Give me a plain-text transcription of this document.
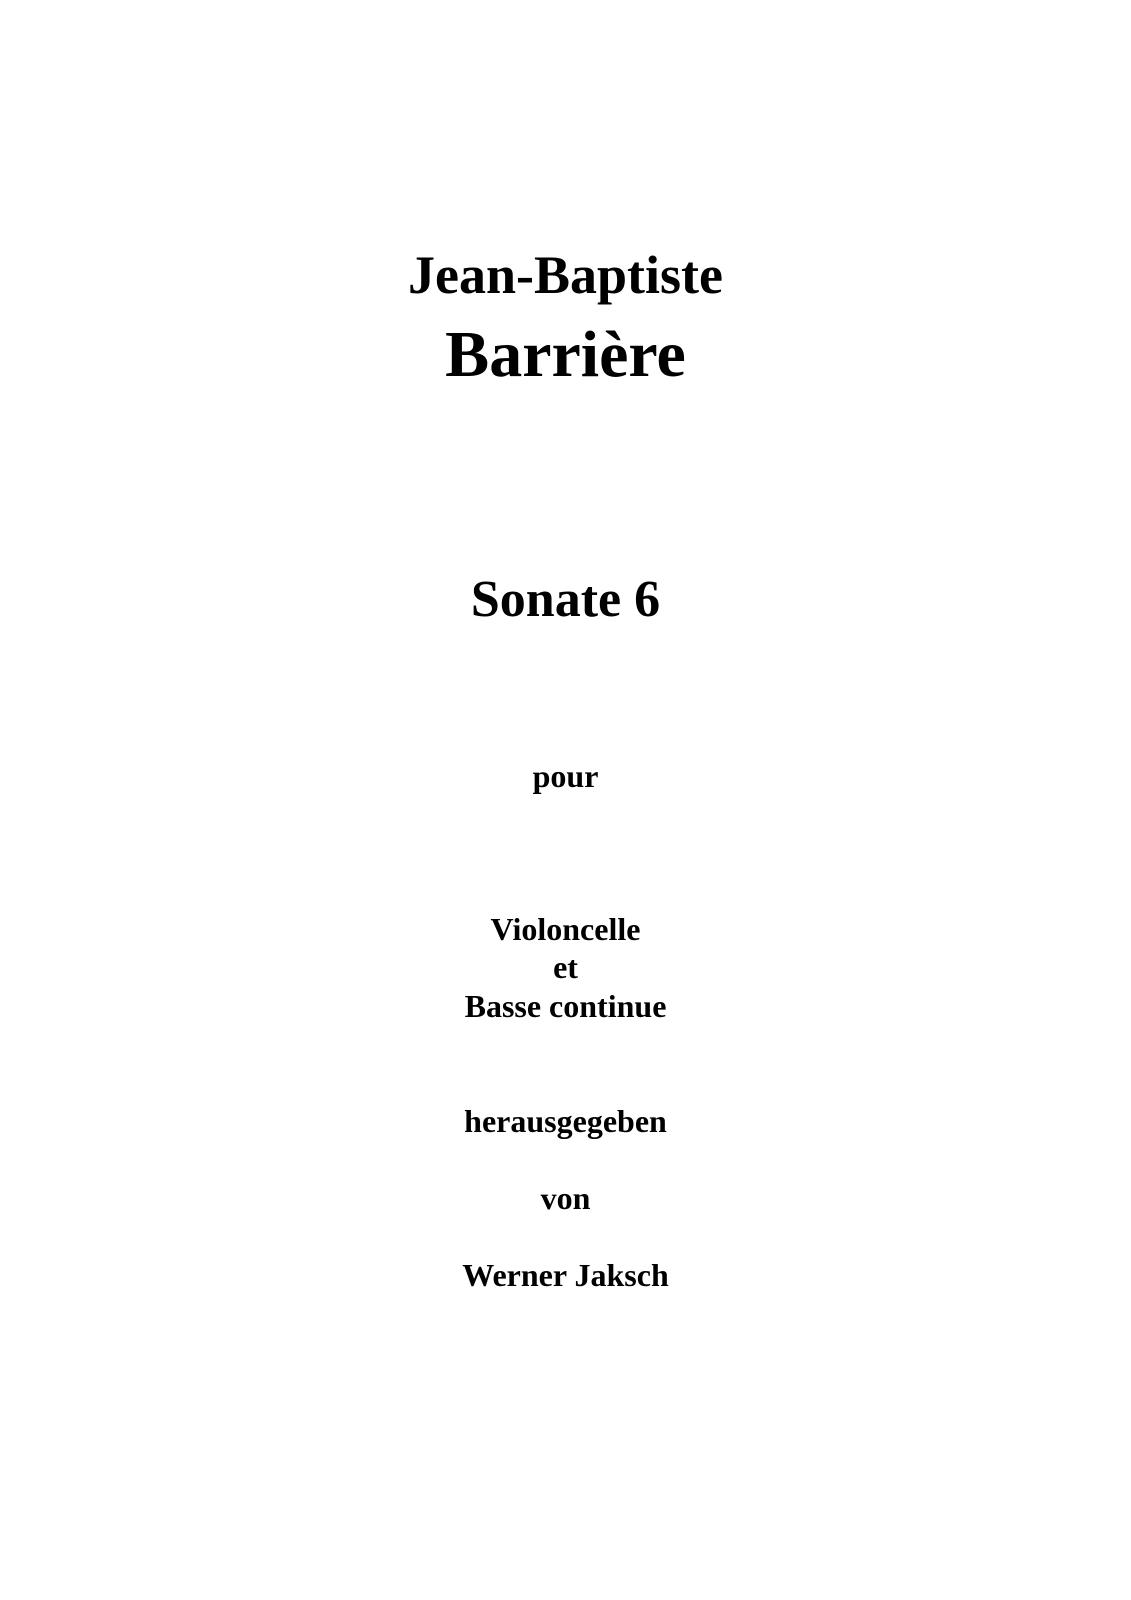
Jean-Baptiste
Barrière
Sonate 6

pour

Violoncelle

et

Basse continue

herausgegeben

von

Werner Jaksch
